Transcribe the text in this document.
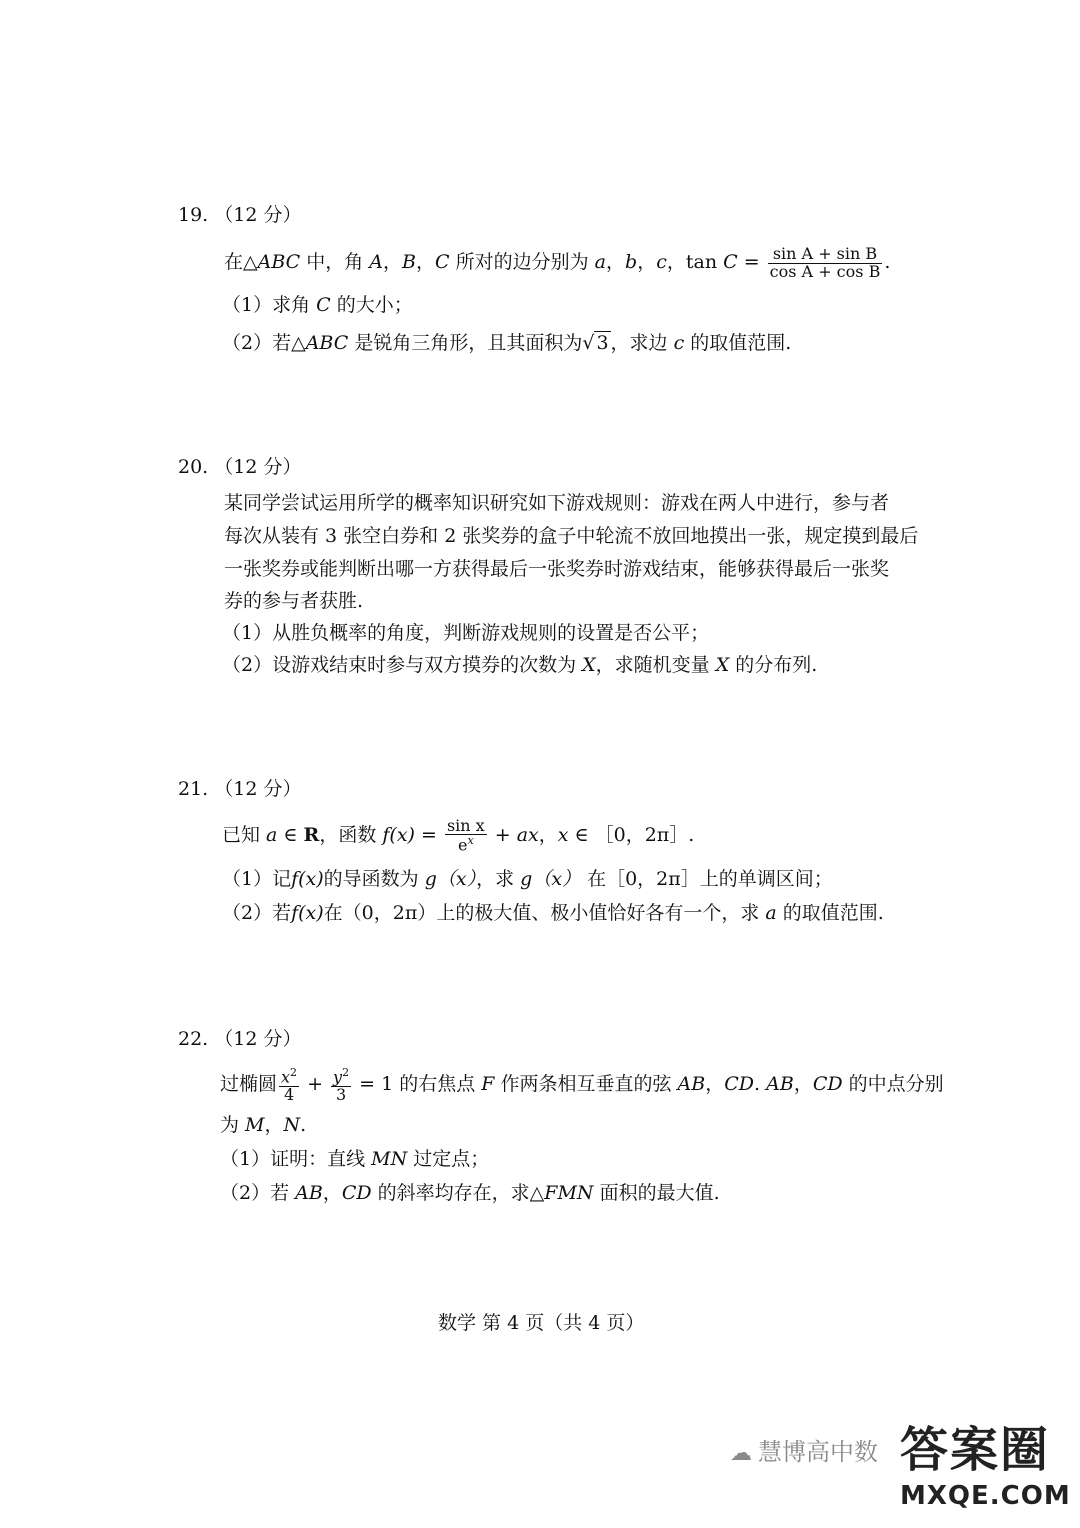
19. （12 分）
在△ABC 中，角 A，B，C 所对的边分别为 a，b，c，$\tan C = \frac{\text{sin A + sin B}}{\text{cos A + cos B}}$ .
（1）求角 C 的大小；
（2）若△ABC 是锐角三角形，且其面积为√ 3 ，求边 c 的取值范围.
20. （12 分）
某同学尝试运用所学的概率知识研究如下游戏规则：游戏在两人中进行，参与者
每次从装有 3 张空白券和 2 张奖券的盒子中轮流不放回地摸出一张，规定摸到最后
一张奖券或能判断出哪一方获得最后一张奖券时游戏结束，能够获得最后一张奖
券的参与者获胜.
（1）从胜负概率的角度，判断游戏规则的设置是否公平；
（2）设游戏结束时参与双方摸券的次数为 X，求随机变量 X 的分布列.
21. （12 分）
已知 a ∈ R，函数 $f(x) = \frac{\text{sin x}}{e^x}$ + ax，x ∈ ［0，2π］.
（1）记f(x)的导函数为 g（x），求 g（x） 在［0，2π］上的单调区间；
（2）若f(x)在（0，2π）上的极大值、极小值恰好各有一个，求 a 的取值范围.
22. （12 分）
过椭圆 $\frac{x^2}{4} + \frac{y^2}{3} = 1$ 的右焦点 F 作两条相互垂直的弦 AB，CD. AB，CD 的中点分别
为 M，N.
（1）证明：直线 MN 过定点；
（2）若 AB，CD 的斜率均存在，求△FMN 面积的最大值.
数学 第 4 页（共 4 页）
☁ 慧博高中数 答案圈
MXQE.COM
